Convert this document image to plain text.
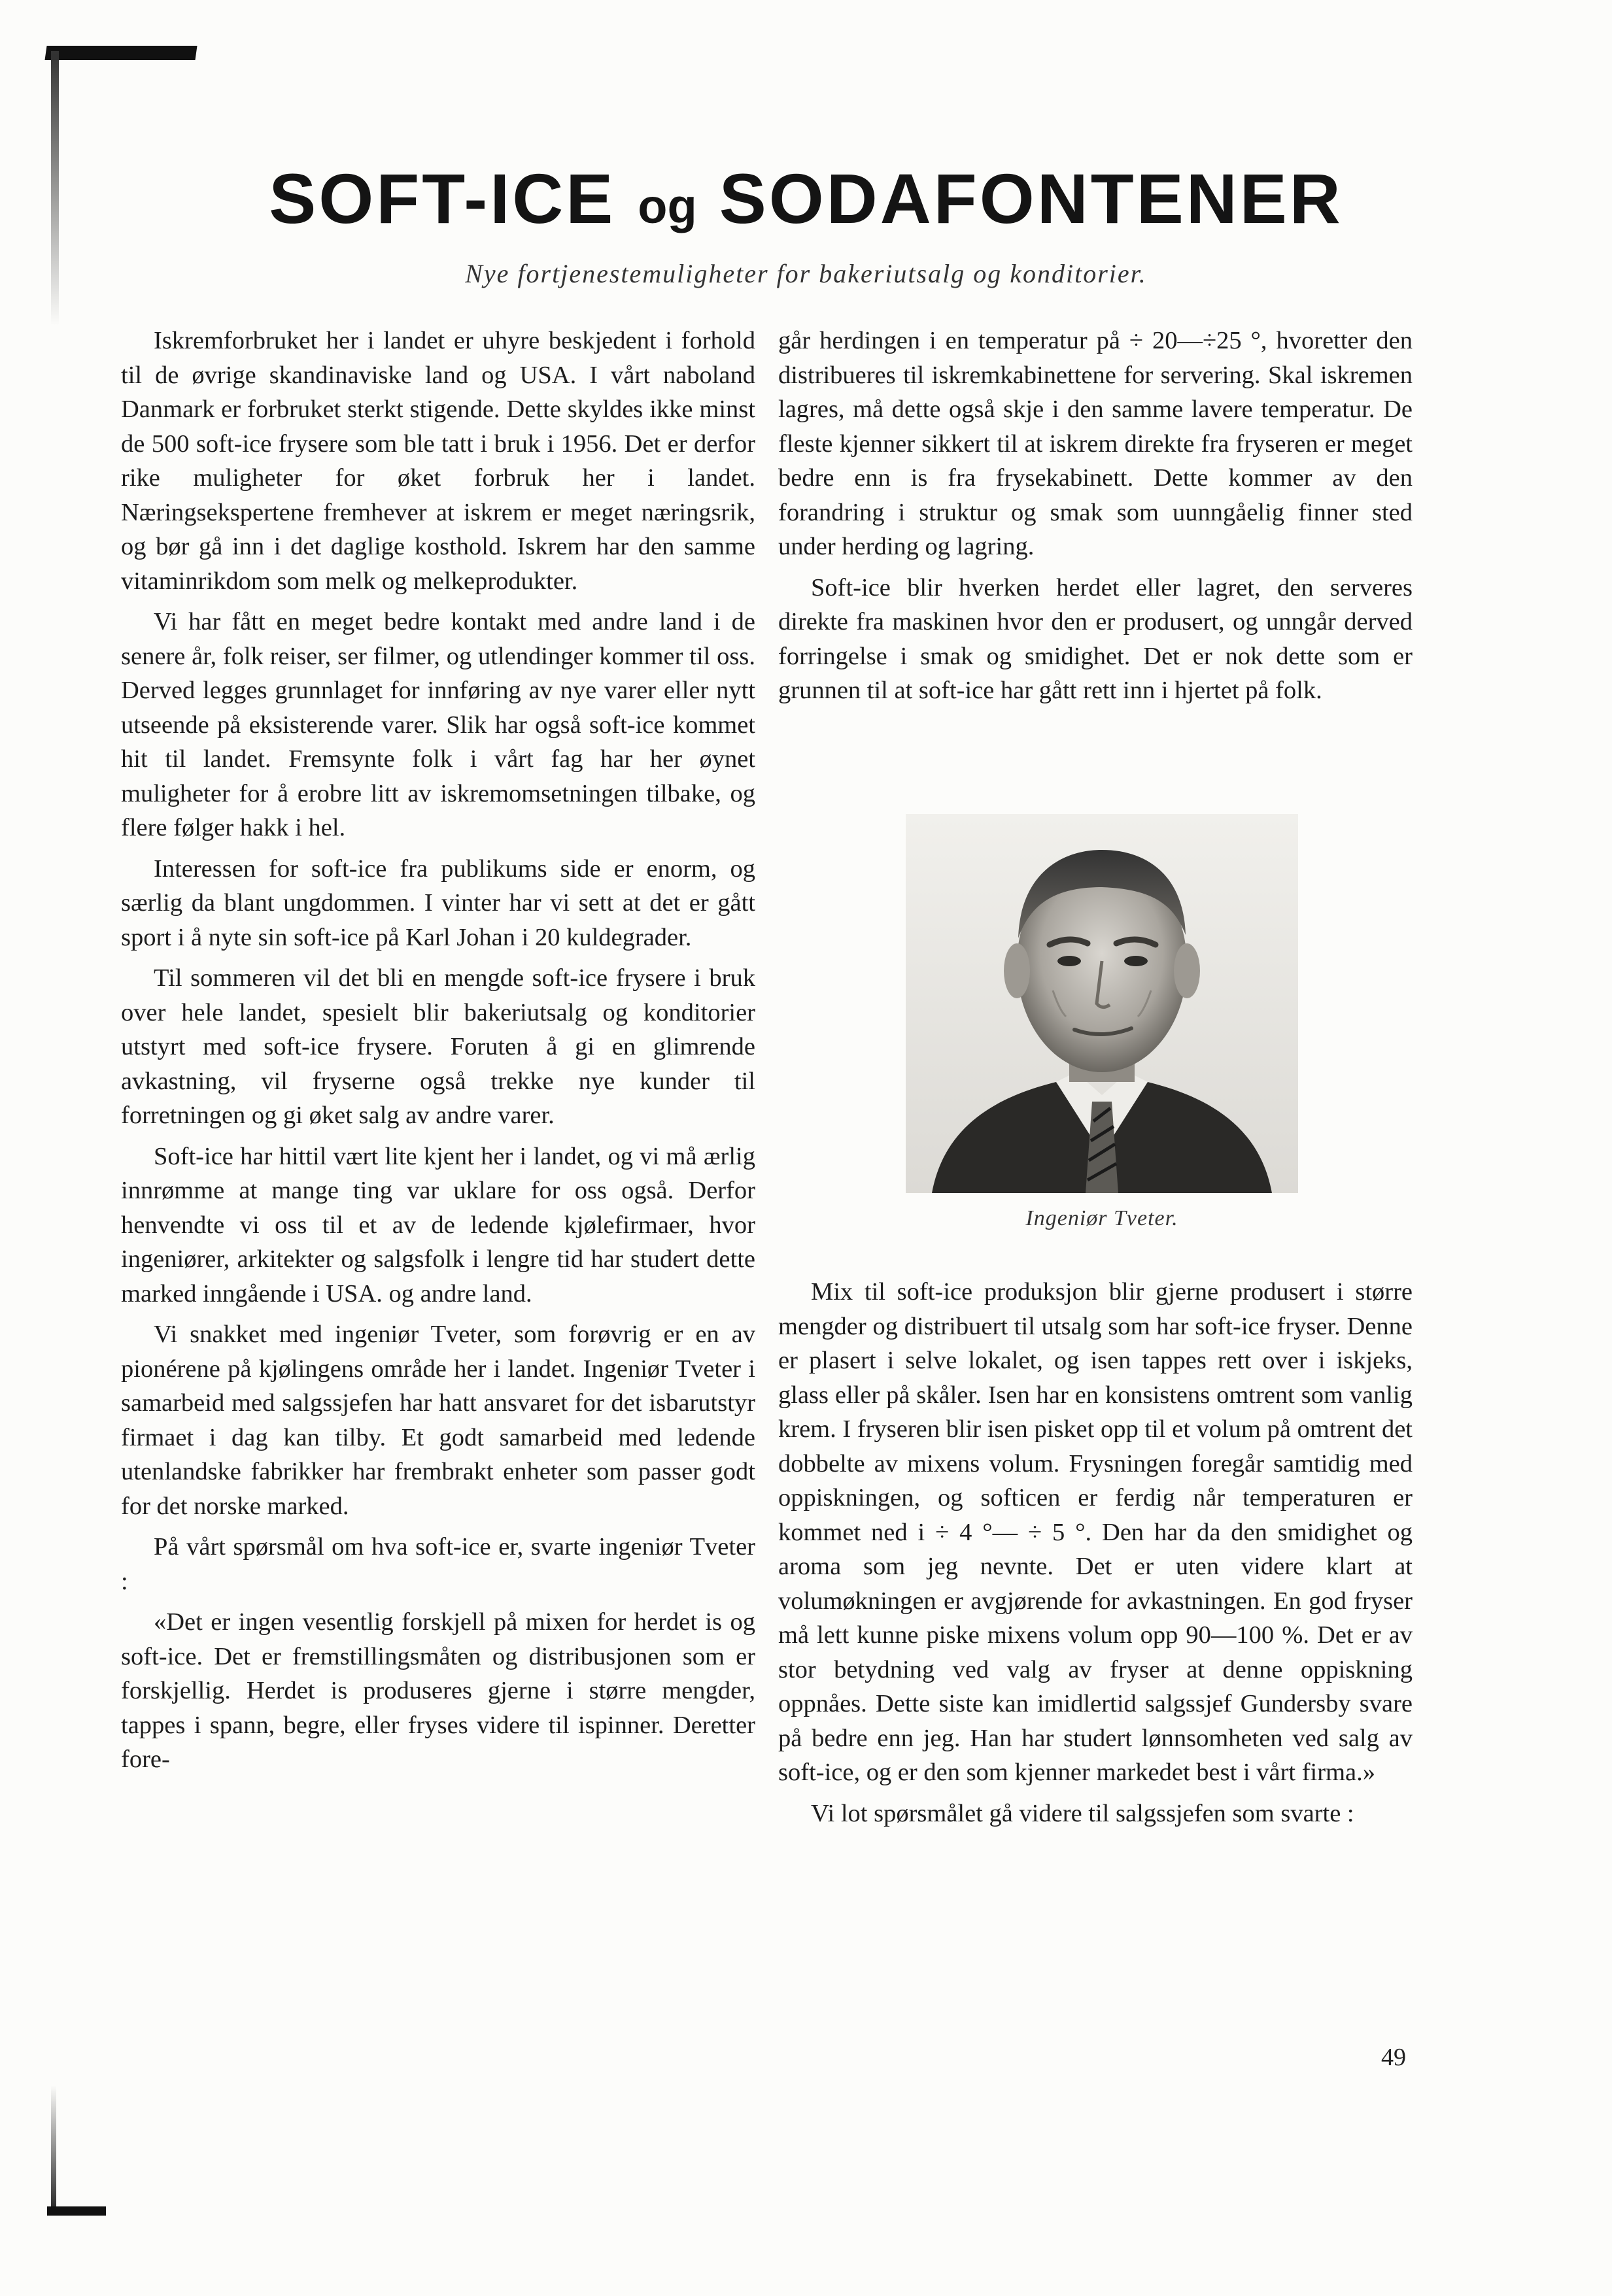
SOFT-ICE og SODAFONTENER

Nye fortjenestemuligheter for bakeriutsalg og konditorier.

Iskremforbruket her i landet er uhyre beskjedent i forhold til de øvrige skandinaviske land og USA. I vårt naboland Danmark er forbruket sterkt stigende. Dette skyldes ikke minst de 500 soft-ice frysere som ble tatt i bruk i 1956. Det er derfor rike muligheter for øket forbruk her i landet. Næringsekspertene fremhever at iskrem er meget næringsrik, og bør gå inn i det daglige kosthold. Iskrem har den samme vitaminrikdom som melk og melkeprodukter.

Vi har fått en meget bedre kontakt med andre land i de senere år, folk reiser, ser filmer, og utlendinger kommer til oss. Derved legges grunnlaget for innføring av nye varer eller nytt utseende på eksisterende varer. Slik har også soft-ice kommet hit til landet. Fremsynte folk i vårt fag har her øynet muligheter for å erobre litt av iskremomsetningen tilbake, og flere følger hakk i hel.

Interessen for soft-ice fra publikums side er enorm, og særlig da blant ungdommen. I vinter har vi sett at det er gått sport i å nyte sin soft-ice på Karl Johan i 20 kuldegrader.

Til sommeren vil det bli en mengde soft-ice frysere i bruk over hele landet, spesielt blir bakeriutsalg og konditorier utstyrt med soft-ice frysere. Foruten å gi en glimrende avkastning, vil fryserne også trekke nye kunder til forretningen og gi øket salg av andre varer.

Soft-ice har hittil vært lite kjent her i landet, og vi må ærlig innrømme at mange ting var uklare for oss også. Derfor henvendte vi oss til et av de ledende kjølefirmaer, hvor ingeniører, arkitekter og salgsfolk i lengre tid har studert dette marked inngående i USA. og andre land.

Vi snakket med ingeniør Tveter, som forøvrig er en av pionérene på kjølingens område her i landet. Ingeniør Tveter i samarbeid med salgssjefen har hatt ansvaret for det isbarutstyr firmaet i dag kan tilby. Et godt samarbeid med ledende utenlandske fabrikker har frembrakt enheter som passer godt for det norske marked.

På vårt spørsmål om hva soft-ice er, svarte ingeniør Tveter :

«Det er ingen vesentlig forskjell på mixen for herdet is og soft-ice. Det er fremstillingsmåten og distribusjonen som er forskjellig. Herdet is produseres gjerne i større mengder, tappes i spann, begre, eller fryses videre til ispinner. Deretter fore-

går herdingen i en temperatur på ÷ 20—÷25 °, hvoretter den distribueres til iskremkabinettene for servering. Skal iskremen lagres, må dette også skje i den samme lavere temperatur. De fleste kjenner sikkert til at iskrem direkte fra fryseren er meget bedre enn is fra frysekabinett. Dette kommer av den forandring i struktur og smak som uunngåelig finner sted under herding og lagring.

Soft-ice blir hverken herdet eller lagret, den serveres direkte fra maskinen hvor den er produsert, og unngår derved forringelse i smak og smidighet. Det er nok dette som er grunnen til at soft-ice har gått rett inn i hjertet på folk.

Ingeniør Tveter.

Mix til soft-ice produksjon blir gjerne produsert i større mengder og distribuert til utsalg som har soft-ice fryser. Denne er plasert i selve lokalet, og isen tappes rett over i iskjeks, glass eller på skåler. Isen har en konsistens omtrent som vanlig krem. I fryseren blir isen pisket opp til et volum på omtrent det dobbelte av mixens volum. Frysningen foregår samtidig med oppiskningen, og softicen er ferdig når temperaturen er kommet ned i ÷ 4 °— ÷ 5 °. Den har da den smidighet og aroma som jeg nevnte. Det er uten videre klart at volumøkningen er avgjørende for avkastningen. En god fryser må lett kunne piske mixens volum opp 90—100 %. Det er av stor betydning ved valg av fryser at denne oppiskning oppnåes. Dette siste kan imidlertid salgssjef Gundersby svare på bedre enn jeg. Han har studert lønnsomheten ved salg av soft-ice, og er den som kjenner markedet best i vårt firma.»

Vi lot spørsmålet gå videre til salgssjefen som svarte :

49
